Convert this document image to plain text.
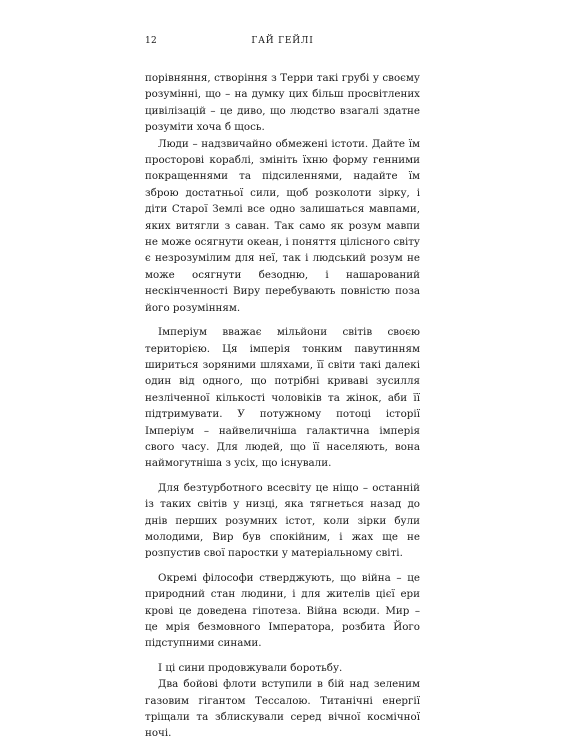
12	ГАЙ ГЕЙЛІ

порівняння, створіння з Терри такі грубі у своєму розумінні, що – на думку цих більш просвітлених цивілізацій – це диво, що людство взагалі здатне розуміти хоча б щось.

Люди – надзвичайно обмежені істоти. Дайте їм просторові кораблі, змініть їхню форму генними покращеннями та підсиленнями, надайте їм зброю достатньої сили, щоб розколоти зірку, і діти Старої Землі все одно залишаться мавпами, яких витягли з саван. Так само як розум мавпи не може осягнути океан, і поняття цілісного світу є незрозумілим для неї, так і людський розум не може осягнути безодню, і нашарований нескінченності Виру перебувають повністю поза його розумінням.

Імперіум вважає мільйони світів своєю територією. Ця імперія тонким павутинням шириться зоряними шляхами, її світи такі далекі один від одного, що потрібні криваві зусилля незліченної кількості чоловіків та жінок, аби її підтримувати. У потужному потоці історії Імперіум – найвеличніша галактична імперія свого часу. Для людей, що її населяють, вона наймогутніша з усіх, що існували.

Для безтурботного всесвіту це ніщо – останній із таких світів у низці, яка тягнеться назад до днів перших розумних істот, коли зірки були молодими, Вир був спокійним, і жах ще не розпустив свої паростки у матеріальному світі.

Окремі філософи стверджують, що війна – це природний стан людини, і для жителів цієї ери крові це доведена гіпотеза. Війна всюди. Мир – це мрія безмовного Імператора, розбита Його підступними синами.

І ці сини продовжували боротьбу.

Два бойові флоти вступили в бій над зеленим газовим гігантом Тессалою. Титанічні енергії тріщали та зблискували серед вічної космічної ночі.
